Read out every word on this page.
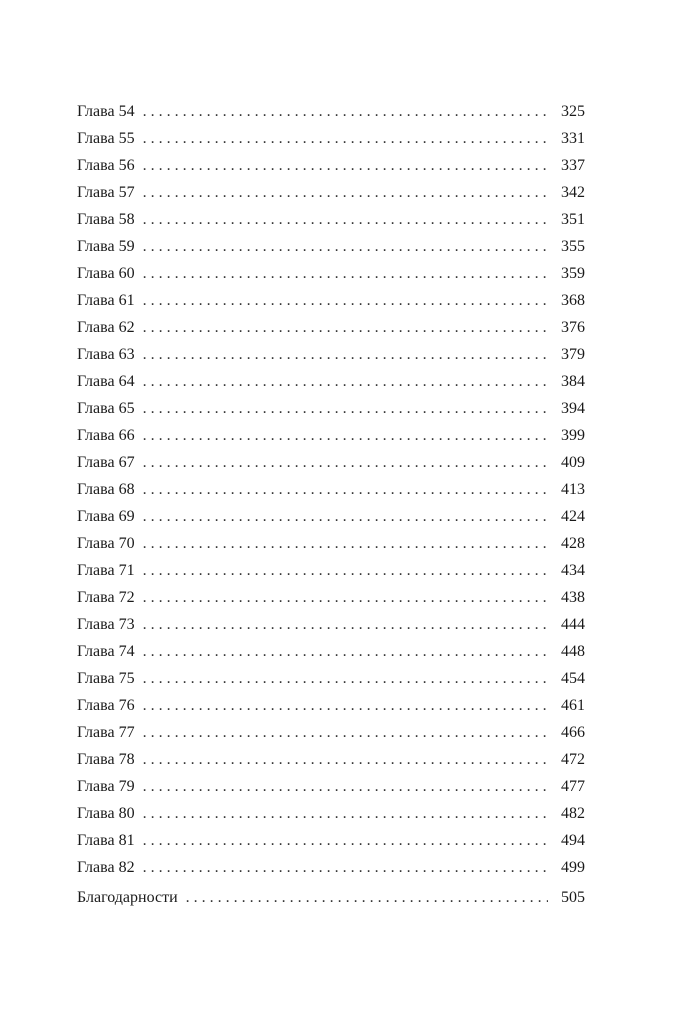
Глава 54 . . .	325
Глава 55 . . .	331
Глава 56 . . .	337
Глава 57 . . .	342
Глава 58 . . .	351
Глава 59 . . .	355
Глава 60 . . .	359
Глава 61 . . .	368
Глава 62 . . .	376
Глава 63 . . .	379
Глава 64 . . .	384
Глава 65 . . .	394
Глава 66 . . .	399
Глава 67 . . .	409
Глава 68 . . .	413
Глава 69 . . .	424
Глава 70 . . .	428
Глава 71 . . .	434
Глава 72 . . .	438
Глава 73 . . .	444
Глава 74 . . .	448
Глава 75 . . .	454
Глава 76 . . .	461
Глава 77 . . .	466
Глава 78 . . .	472
Глава 79 . . .	477
Глава 80 . . .	482
Глава 81 . . .	494
Глава 82 . . .	499
Благодарности . . .	505
